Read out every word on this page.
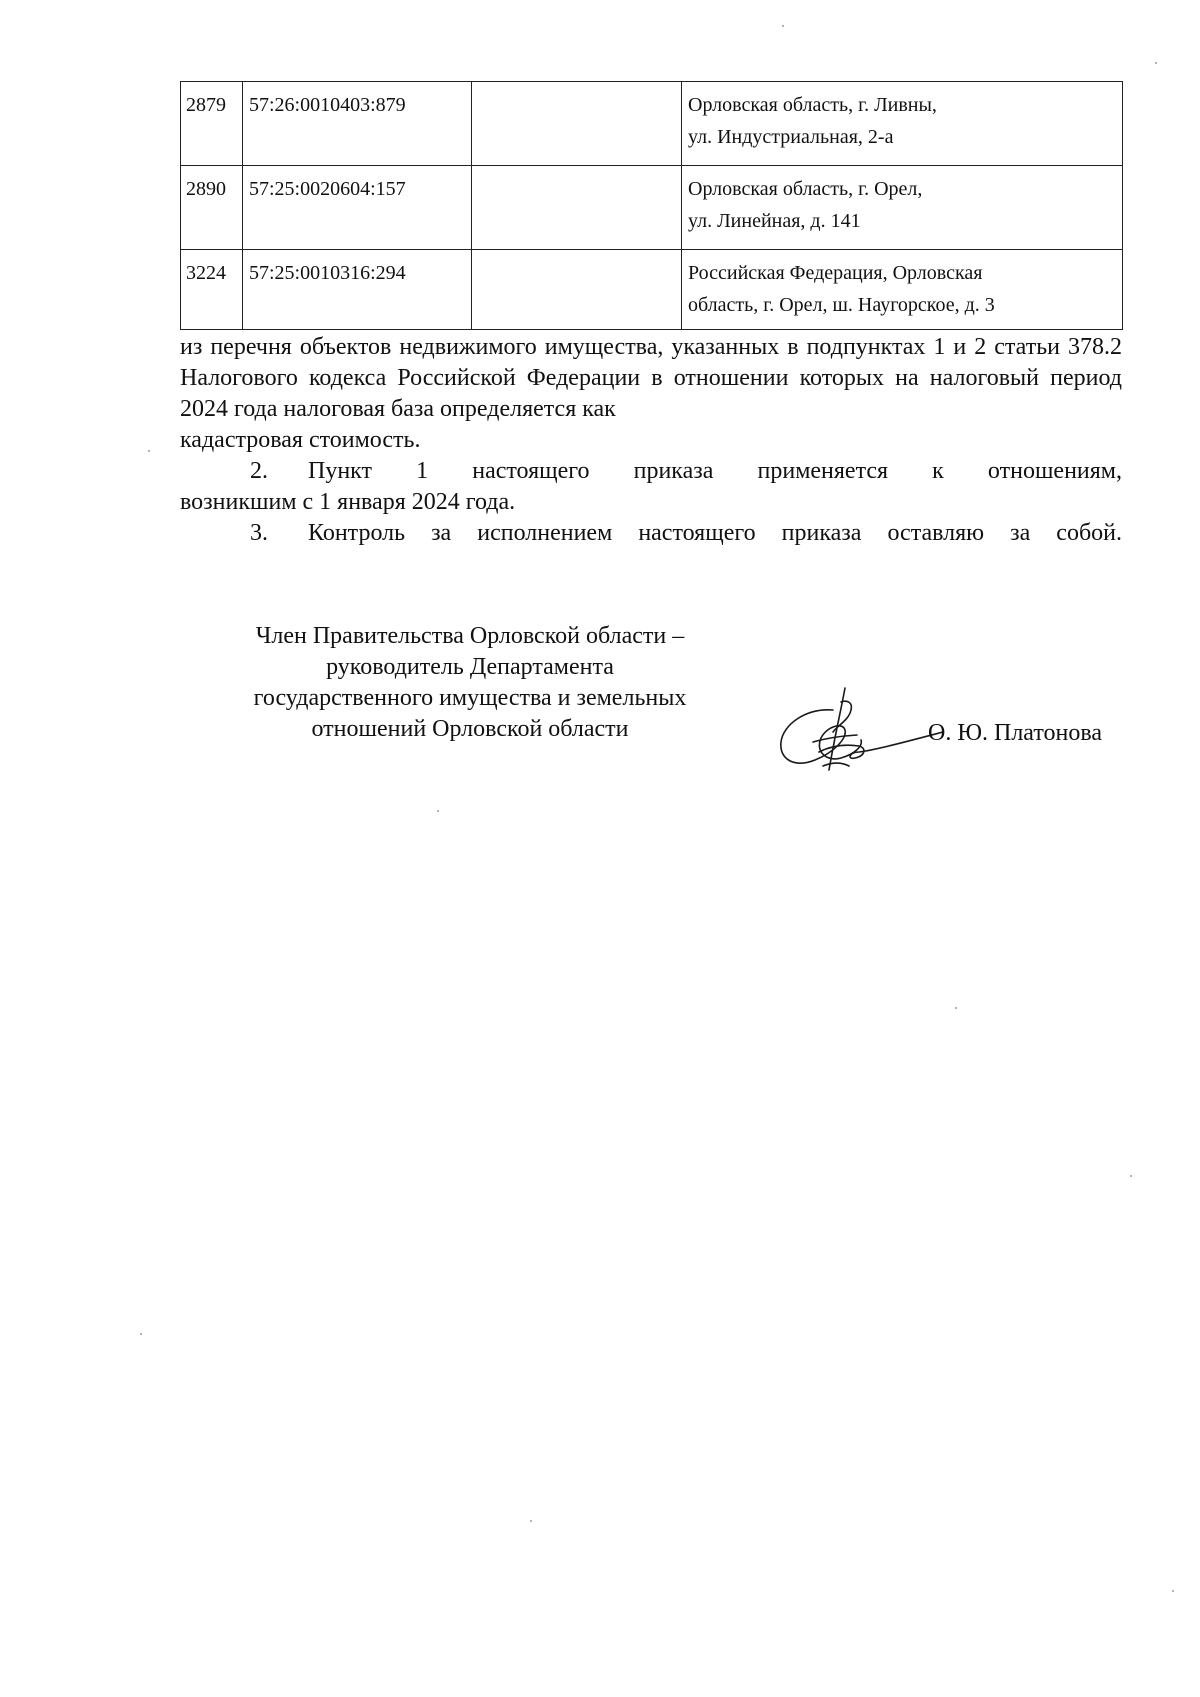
2879	57:26:0010403:879		Орловская область, г. Ливны,
ул. Индустриальная, 2-а

2890	57:25:0020604:157		Орловская область, г. Орел,
ул. Линейная, д. 141

3224	57:25:0010316:294		Российская Федерация, Орловская
область, г. Орел, ш. Наугорское, д. 3

из перечня объектов недвижимого имущества, указанных в подпунктах 1 и 2 статьи 378.2 Налогового кодекса Российской Федерации в отношении которых на налоговый период 2024 года налоговая база определяется как

кадастровая стоимость.

2.	Пункт 1 настоящего приказа применяется к отношениям,

возникшим с 1 января 2024 года.

3.	Контроль за исполнением настоящего приказа оставляю за собой.
Член Правительства Орловской области –
руководитель Департамента
государственного имущества и земельных
отношений Орловской области	О. Ю. Платонова
